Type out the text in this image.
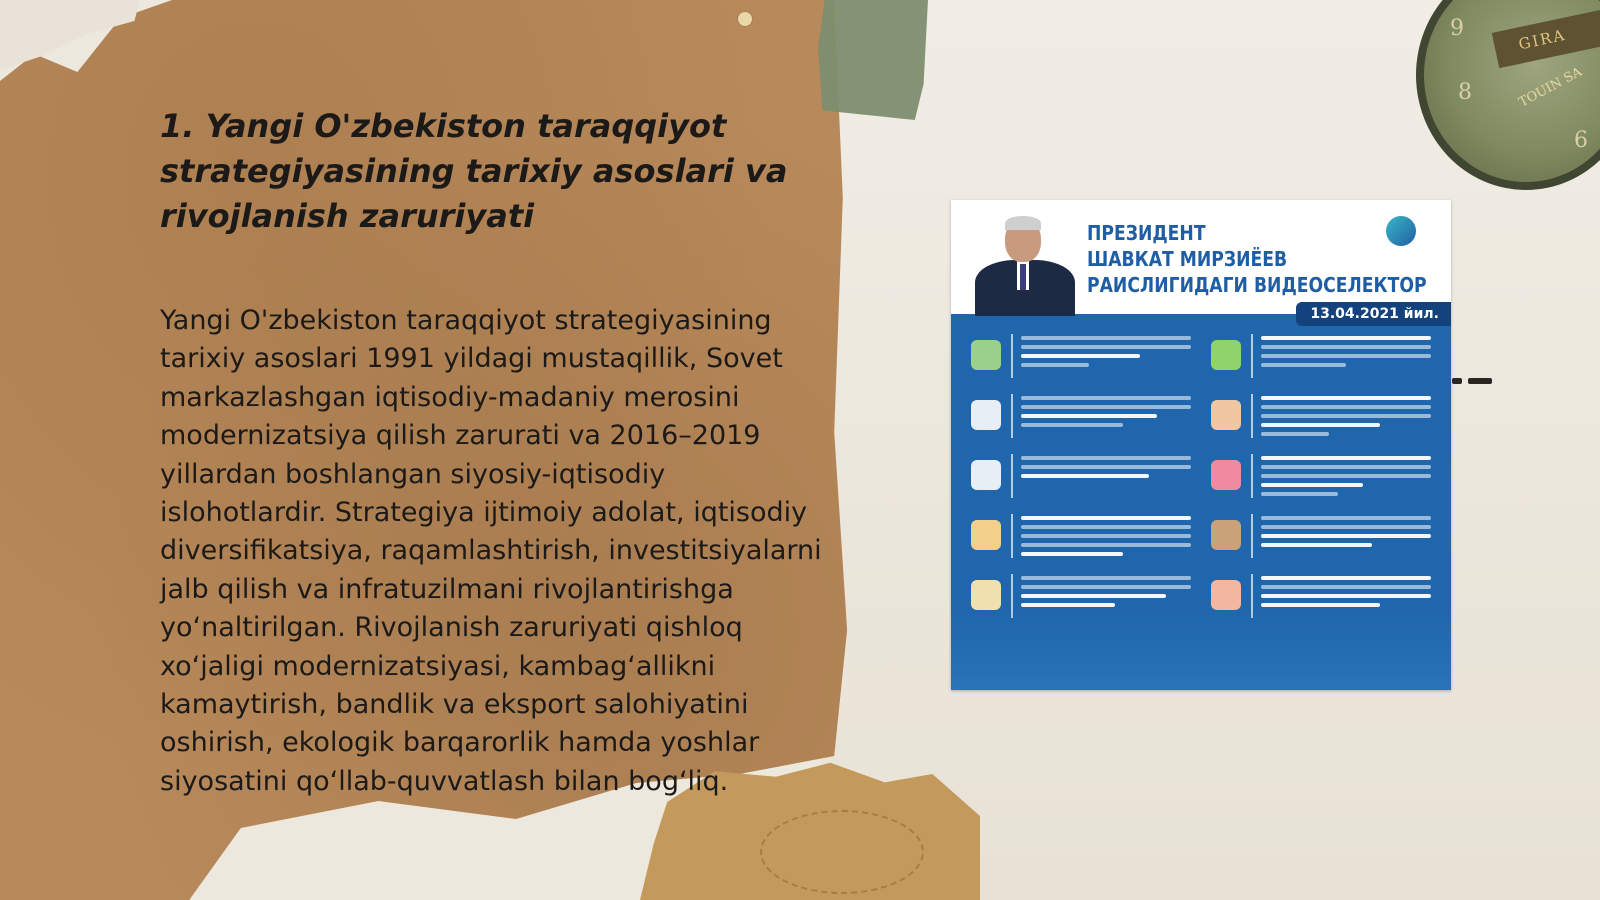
9
8
6
GIRA
TOUIN SA
1. Yangi O'zbekiston taraqqiyot strategiyasining tarixiy asoslari va rivojlanish zaruriyati

Yangi O'zbekiston taraqqiyot strategiyasining tarixiy asoslari 1991 yildagi mustaqillik, Sovet markazlashgan iqtisodiy-madaniy merosini modernizatsiya qilish zarurati va 2016–2019 yillardan boshlangan siyosiy-iqtisodiy islohotlardir. Strategiya ijtimoiy adolat, iqtisodiy diversifikatsiya, raqamlashtirish, investitsiyalarni jalb qilish va infratuzilmani rivojlantirishga yo‘naltirilgan. Rivojlanish zaruriyati qishloq xo‘jaligi modernizatsiyasi, kambag‘allikni kamaytirish, bandlik va eksport salohiyatini oshirish, ekologik barqarorlik hamda yoshlar siyosatini qo‘llab-quvvatlash bilan bog‘liq.

ПРЕЗИДЕНТ
ШАВКАТ МИРЗИЁЕВ
РАИСЛИГИДАГИ ВИДЕОСЕЛЕКТОР
13.04.2021 йил.
